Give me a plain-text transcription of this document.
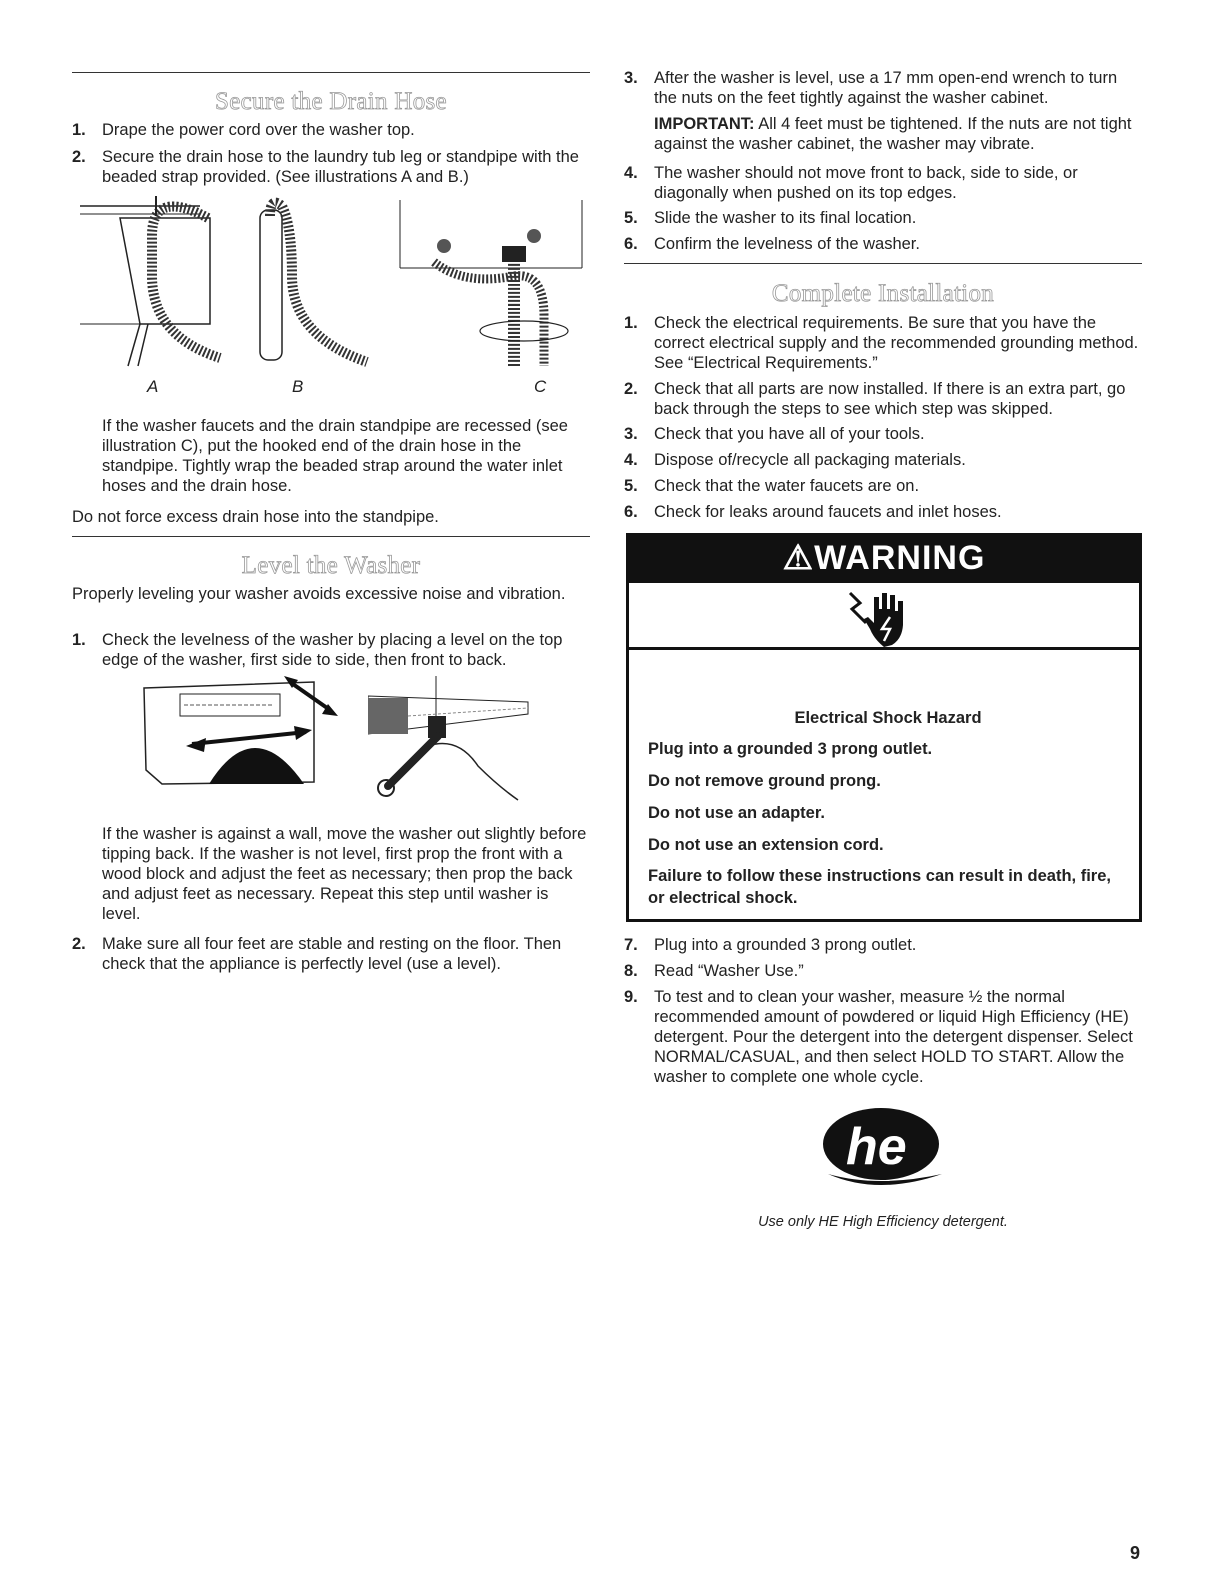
Secure the Drain Hose
1. Drape the power cord over the washer top.
2. Secure the drain hose to the laundry tub leg or standpipe with the beaded strap provided. (See illustrations A and B.)
A	B	C
If the washer faucets and the drain standpipe are recessed (see illustration C), put the hooked end of the drain hose in the standpipe. Tightly wrap the beaded strap around the water inlet hoses and the drain hose.
Do not force excess drain hose into the standpipe.
Level the Washer
Properly leveling your washer avoids excessive noise and vibration.
1. Check the levelness of the washer by placing a level on the top edge of the washer, first side to side, then front to back.
If the washer is against a wall, move the washer out slightly before tipping back. If the washer is not level, first prop the front with a wood block and adjust the feet as necessary; then prop the back and adjust feet as necessary. Repeat this step until washer is level.
2. Make sure all four feet are stable and resting on the floor. Then check that the appliance is perfectly level (use a level).
3. After the washer is level, use a 17 mm open-end wrench to turn the nuts on the feet tightly against the washer cabinet.
IMPORTANT: All 4 feet must be tightened. If the nuts are not tight against the washer cabinet, the washer may vibrate.
4. The washer should not move front to back, side to side, or diagonally when pushed on its top edges.
5. Slide the washer to its final location.
6. Confirm the levelness of the washer.
Complete Installation
1. Check the electrical requirements. Be sure that you have the correct electrical supply and the recommended grounding method. See “Electrical Requirements.”
2. Check that all parts are now installed. If there is an extra part, go back through the steps to see which step was skipped.
3. Check that you have all of your tools.
4. Dispose of/recycle all packaging materials.
5. Check that the water faucets are on.
6. Check for leaks around faucets and inlet hoses.
7. Plug into a grounded 3 prong outlet.
8. Read “Washer Use.”
9. To test and to clean your washer, measure ½ the normal recommended amount of powdered or liquid High Efficiency (HE) detergent. Pour the detergent into the detergent dispenser. Select NORMAL/CASUAL, and then select HOLD TO START. Allow the washer to complete one whole cycle.
⚠WARNING
Electrical Shock Hazard
Plug into a grounded 3 prong outlet.
Do not remove ground prong.
Do not use an adapter.
Do not use an extension cord.
Failure to follow these instructions can result in death, fire, or electrical shock.
he
Use only HE High Efficiency detergent.
9
